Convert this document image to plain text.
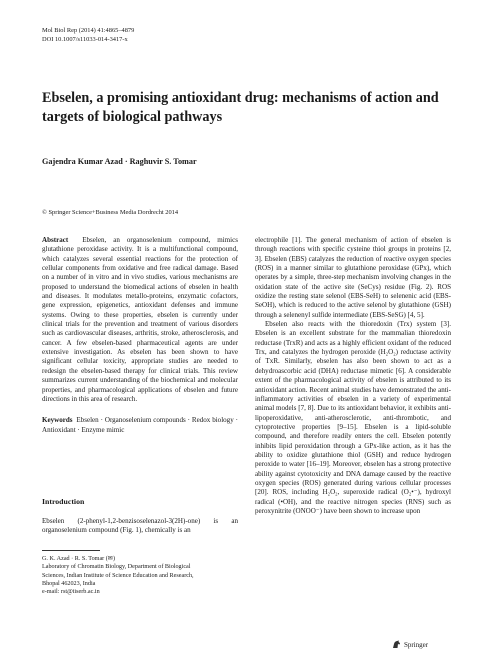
Mol Biol Rep (2014) 41:4865–4879
DOI 10.1007/s11033-014-3417-x
Ebselen, a promising antioxidant drug: mechanisms of action and targets of biological pathways
Gajendra Kumar Azad · Raghuvir S. Tomar
© Springer Science+Business Media Dordrecht 2014

Abstract Ebselen, an organoselenium compound, mimics glutathione peroxidase activity. It is a multifunctional compound, which catalyzes several essential reactions for the protection of cellular components from oxidative and free radical damage. Based on a number of in vitro and in vivo studies, various mechanisms are proposed to understand the biomedical actions of ebselen in health and diseases. It modulates metallo-proteins, enzymatic cofactors, gene expression, epigenetics, antioxidant defenses and immune systems. Owing to these properties, ebselen is currently under clinical trials for the prevention and treatment of various disorders such as cardiovascular diseases, arthritis, stroke, atherosclerosis, and cancer. A few ebselen-based pharmaceutical agents are under extensive investigation. As ebselen has been shown to have significant cellular toxicity, appropriate studies are needed to redesign the ebselen-based therapy for clinical trials. This review summarizes current understanding of the biochemical and molecular properties, and pharmacological applications of ebselen and future directions in this area of research.

Keywords Ebselen · Organoselenium compounds · Redox biology · Antioxidant · Enzyme mimic

Introduction
Ebselen (2-phenyl-1,2-benzisoselenazol-3(2H)-one) is an organoselenium compound (Fig. 1), chemically is an
G. K. Azad · R. S. Tomar (✉)
Laboratory of Chromatin Biology, Department of Biological
Sciences, Indian Institute of Science Education and Research,
Bhopal 462023, India
e-mail: rst@iiserb.ac.in

electrophile [1]. The general mechanism of action of ebselen is through reactions with specific cysteine thiol groups in proteins [2, 3]. Ebselen (EBS) catalyzes the reduction of reactive oxygen species (ROS) in a manner similar to glutathione peroxidase (GPx), which operates by a simple, three-step mechanism involving changes in the oxidation state of the active site (SeCys) residue (Fig. 2). ROS oxidize the resting state selenol (EBS-SeH) to selenenic acid (EBS-SeOH), which is reduced to the active selenol by glutathione (GSH) through a selenenyl sulfide intermediate (EBS-SeSG) [4, 5].

Ebselen also reacts with the thioredoxin (Trx) system [3]. Ebselen is an excellent substrate for the mammalian thioredoxin reductase (TrxR) and acts as a highly efficient oxidant of the reduced Trx, and catalyzes the hydrogen peroxide (H₂O₂) reductase activity of TxR. Similarly, ebselen has also been shown to act as a dehydroascorbic acid (DHA) reductase mimetic [6]. A considerable extent of the pharmacological activity of ebselen is attributed to its antioxidant action. Recent animal studies have demonstrated the anti-inflammatory activities of ebselen in a variety of experimental animal models [7, 8]. Due to its antioxidant behavior, it exhibits anti-lipoperoxidative, anti-atherosclerotic, anti-thrombotic, and cytoprotective properties [9–15]. Ebselen is a lipid-soluble compound, and therefore readily enters the cell. Ebselen potently inhibits lipid peroxidation through a GPx-like action, as it has the ability to oxidize glutathione thiol (GSH) and reduce hydrogen peroxide to water [16–19]. Moreover, ebselen has a strong protective ability against cytotoxicity and DNA damage caused by the reactive oxygen species (ROS) generated during various cellular processes [20]. ROS, including H₂O₂, superoxide radical (O₂•⁻), hydroxyl radical (•OH), and the reactive nitrogen species (RNS) such as peroxynitrite (ONOO⁻) have been shown to increase upon

Springer
